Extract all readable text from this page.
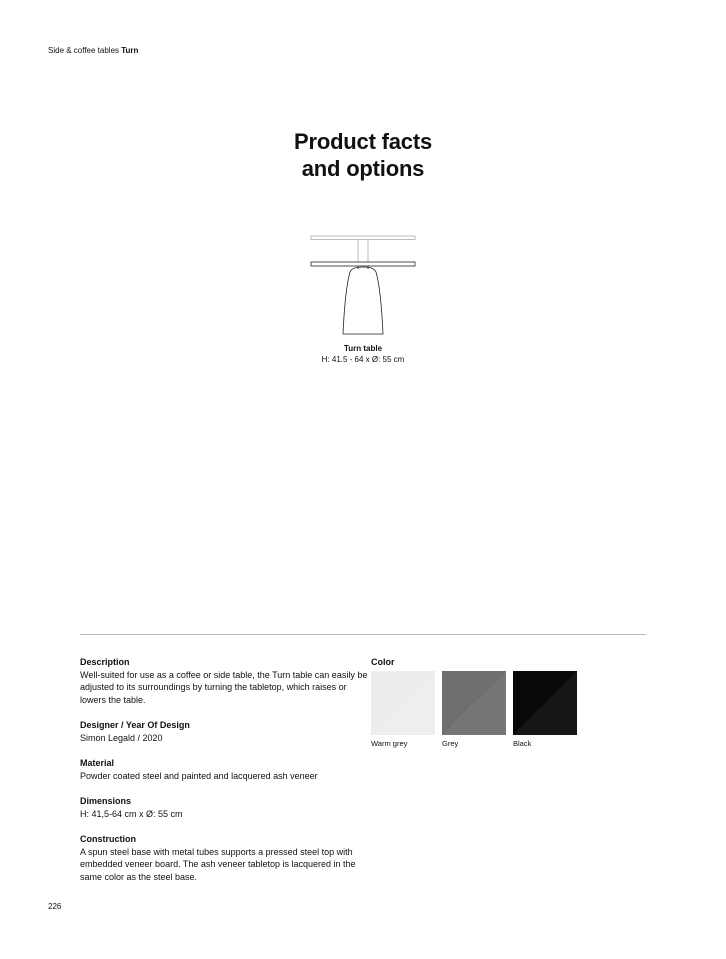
Side & coffee tables Turn
Product facts
and options
Turn table
H: 41.5 - 64 x Ø: 55 cm
Description
Well-suited for use as a coffee or side table, the Turn table can easily be adjusted to its surroundings by turning the tabletop, which raises or lowers the table.
Designer / Year Of Design
Simon Legald / 2020
Material
Powder coated steel and painted and lacquered ash veneer
Dimensions
H: 41,5-64 cm x Ø: 55 cm
Construction
A spun steel base with metal tubes supports a pressed steel top with embedded veneer board. The ash veneer tabletop is lacquered in the same color as the steel base.
Color
Warm grey	Grey	Black
226
